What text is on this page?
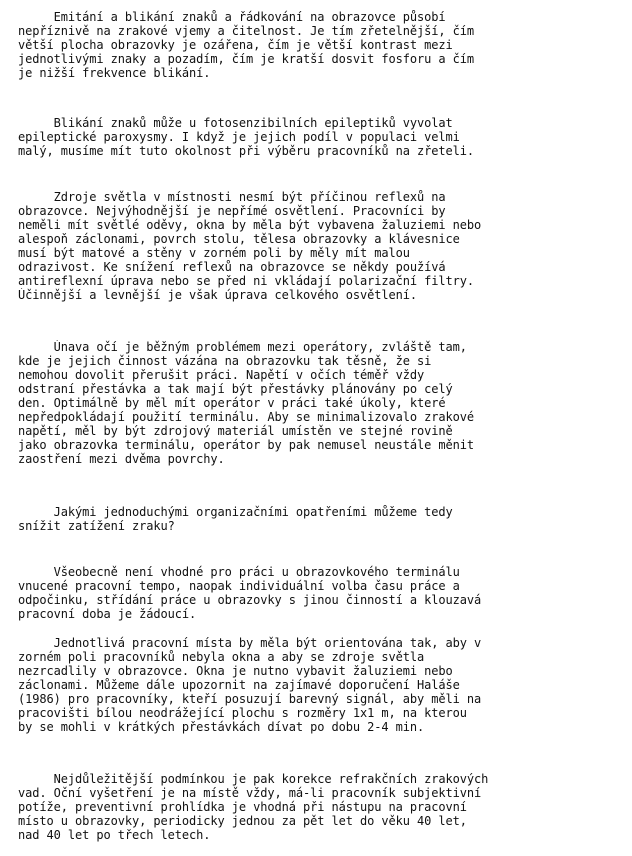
Emitání a blikání znaků a řádkování na obrazovce působí
nepříznivě na zrakové vjemy a čitelnost. Je tím zřetelnější, čím
větší plocha obrazovky je ozářena, čím je větší kontrast mezi
jednotlivými znaky a pozadím, čím je kratší dosvit fosforu a čím
je nižší frekvence blikání.
Blikání znaků může u fotosenzibilních epileptiků vyvolat
epileptické paroxysmy. I když je jejich podíl v populaci velmi
malý, musíme mít tuto okolnost při výběru pracovníků na zřeteli.
Zdroje světla v místnosti nesmí být příčinou reflexů na
obrazovce. Nejvýhodnější je nepřímé osvětlení. Pracovníci by
neměli mít světlé oděvy, okna by měla být vybavena žaluziemi nebo
alespoň záclonami, povrch stolu, tělesa obrazovky a klávesnice
musí být matové a stěny v zorném poli by měly mít malou
odrazivost. Ke snížení reflexů na obrazovce se někdy používá
antireflexní úprava nebo se před ni vkládají polarizační filtry.
Účinnější a levnější je však úprava celkového osvětlení.
Únava očí je běžným problémem mezi operátory, zvláště tam,
kde je jejich činnost vázána na obrazovku tak těsně, že si
nemohou dovolit přerušit práci. Napětí v očích téměř vždy
odstraní přestávka a tak mají být přestávky plánovány po celý
den. Optimálně by měl mít operátor v práci také úkoly, které
nepředpokládají použití terminálu. Aby se minimalizovalo zrakové
napětí, měl by být zdrojový materiál umístěn ve stejné rovině
jako obrazovka terminálu, operátor by pak nemusel neustále měnit
zaostření mezi dvěma povrchy.
Jakými jednoduchými organizačními opatřeními můžeme tedy
snížit zatížení zraku?
Všeobecně není vhodné pro práci u obrazovkového terminálu
vnucené pracovní tempo, naopak individuální volba času práce a
odpočinku, střídání práce u obrazovky s jinou činností a klouzavá
pracovní doba je žádoucí.
Jednotlivá pracovní místa by měla být orientována tak, aby v
zorném poli pracovníků nebyla okna a aby se zdroje světla
nezrcadlily v obrazovce. Okna je nutno vybavit žaluziemi nebo
záclonami. Můžeme dále upozornit na zajímavé doporučení Haláše
(1986) pro pracovníky, kteří posuzují barevný signál, aby měli na
pracovišti bílou neodrážející plochu s rozměry 1x1 m, na kterou
by se mohli v krátkých přestávkách dívat po dobu 2-4 min.
Nejdůležitější podmínkou je pak korekce refrakčních zrakových
vad. Oční vyšetření je na místě vždy, má-li pracovník subjektivní
potíže, preventivní prohlídka je vhodná při nástupu na pracovní
místo u obrazovky, periodicky jednou za pět let do věku 40 let,
nad 40 let po třech letech.
